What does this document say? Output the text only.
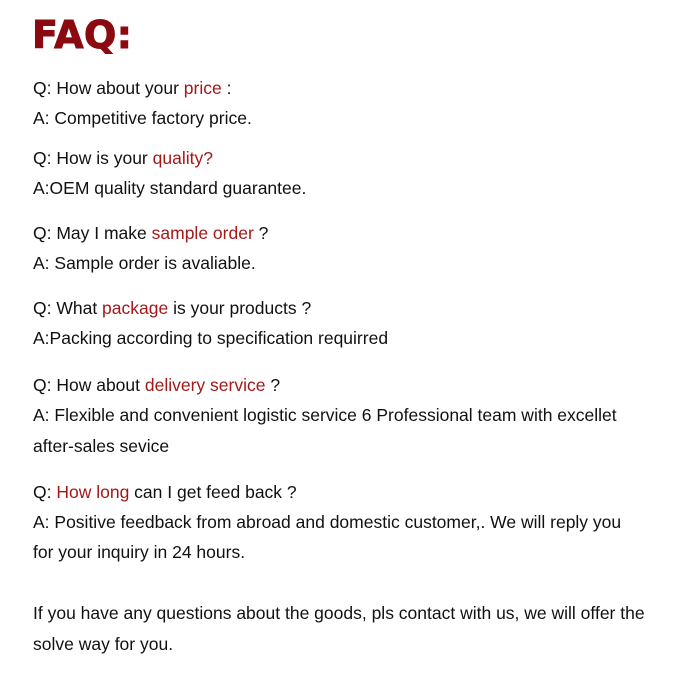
FAQ:

Q: How about your price :

A: Competitive factory price.

Q: How is your quality?

A:OEM quality standard guarantee.

Q: May I make sample order ?

A: Sample order is avaliable.

Q: What package is your products ?

A:Packing according to specification requirred

Q: How about delivery service ?

A: Flexible and convenient logistic service 6 Professional team with excellet

after-sales sevice

Q: How long can I get feed back ?

A: Positive feedback from abroad and domestic customer,. We will reply you

for your inquiry in 24 hours.

If you have any questions about the goods, pls contact with us, we will offer the

solve way for you.
